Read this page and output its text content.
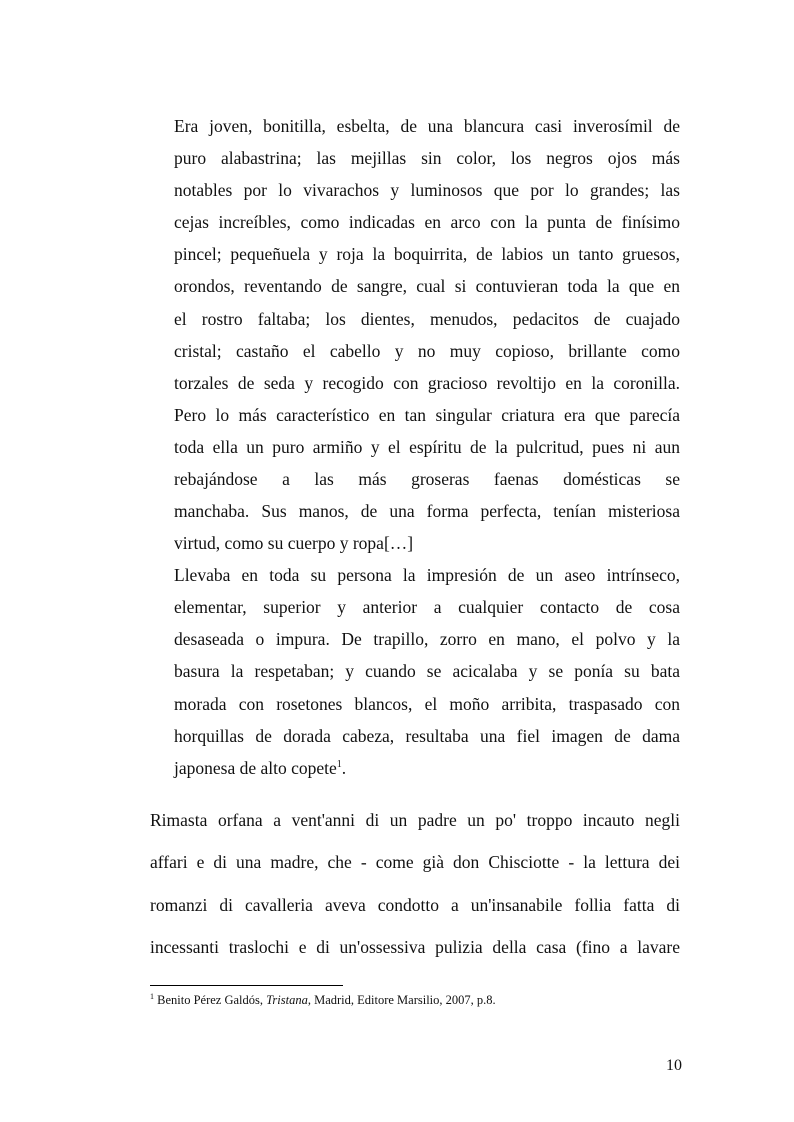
Era joven, bonitilla, esbelta, de una blancura casi inverosímil de
puro alabastrina; las mejillas sin color, los negros ojos más
notables por lo vivarachos y luminosos que por lo grandes; las
cejas increíbles, como indicadas en arco con la punta de finísimo
pincel; pequeñuela y roja la boquirrita, de labios un tanto gruesos,
orondos, reventando de sangre, cual si contuvieran toda la que en
el rostro faltaba; los dientes, menudos, pedacitos de cuajado
cristal; castaño el cabello y no muy copioso, brillante como
torzales de seda y recogido con gracioso revoltijo en la coronilla.
Pero lo más característico en tan singular criatura era que parecía
toda ella un puro armiño y el espíritu de la pulcritud, pues ni aun
rebajándose a las más groseras faenas domésticas se
manchaba. Sus manos, de una forma perfecta, tenían misteriosa
virtud, como su cuerpo y ropa[…]
Llevaba en toda su persona la impresión de un aseo intrínseco,
elementar, superior y anterior a cualquier contacto de cosa
desaseada o impura. De trapillo, zorro en mano, el polvo y la
basura la respetaban; y cuando se acicalaba y se ponía su bata
morada con rosetones blancos, el moño arribita, traspasado con
horquillas de dorada cabeza, resultaba una fiel imagen de dama
japonesa de alto copete$^1$.
Rimasta orfana a vent'anni di un padre un po' troppo incauto negli
affari e di una madre, che - come già don Chisciotte - la lettura dei
romanzi di cavalleria aveva condotto a un'insanabile follia fatta di
incessanti traslochi e di un'ossessiva pulizia della casa (fino a lavare
$^1$ Benito Pérez Galdós, Tristana, Madrid, Editore Marsilio, 2007, p.8.
10
